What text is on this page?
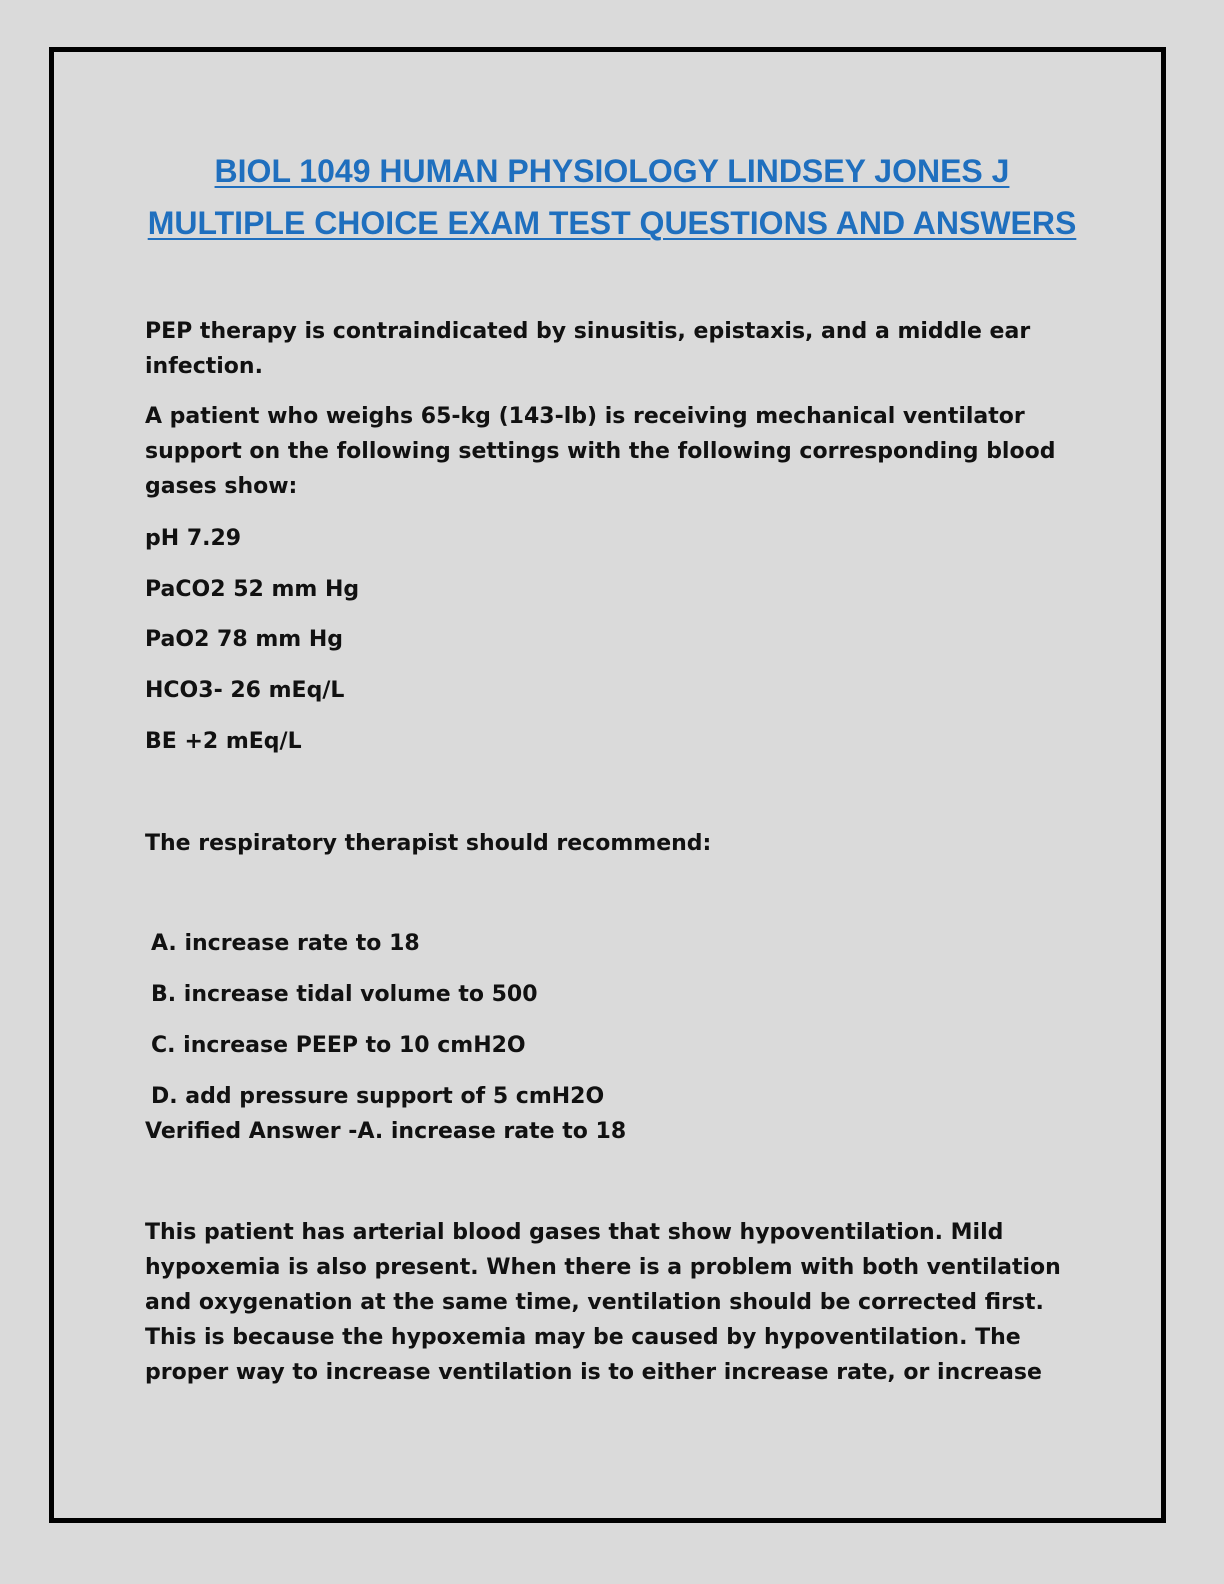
BIOL 1049 HUMAN PHYSIOLOGY LINDSEY JONES J MULTIPLE CHOICE EXAM TEST QUESTIONS AND ANSWERS
PEP therapy is contraindicated by sinusitis, epistaxis, and a middle ear infection.
A patient who weighs 65-kg (143-lb) is receiving mechanical ventilator support on the following settings with the following corresponding blood gases show:
pH 7.29
PaCO2 52 mm Hg
PaO2 78 mm Hg
HCO3- 26 mEq/L
BE +2 mEq/L
The respiratory therapist should recommend:
A. increase rate to 18
B. increase tidal volume to 500
C. increase PEEP to 10 cmH2O
D. add pressure support of 5 cmH2O
Verified Answer -A. increase rate to 18
This patient has arterial blood gases that show hypoventilation. Mild hypoxemia is also present. When there is a problem with both ventilation and oxygenation at the same time, ventilation should be corrected first. This is because the hypoxemia may be caused by hypoventilation. The proper way to increase ventilation is to either increase rate, or increase
